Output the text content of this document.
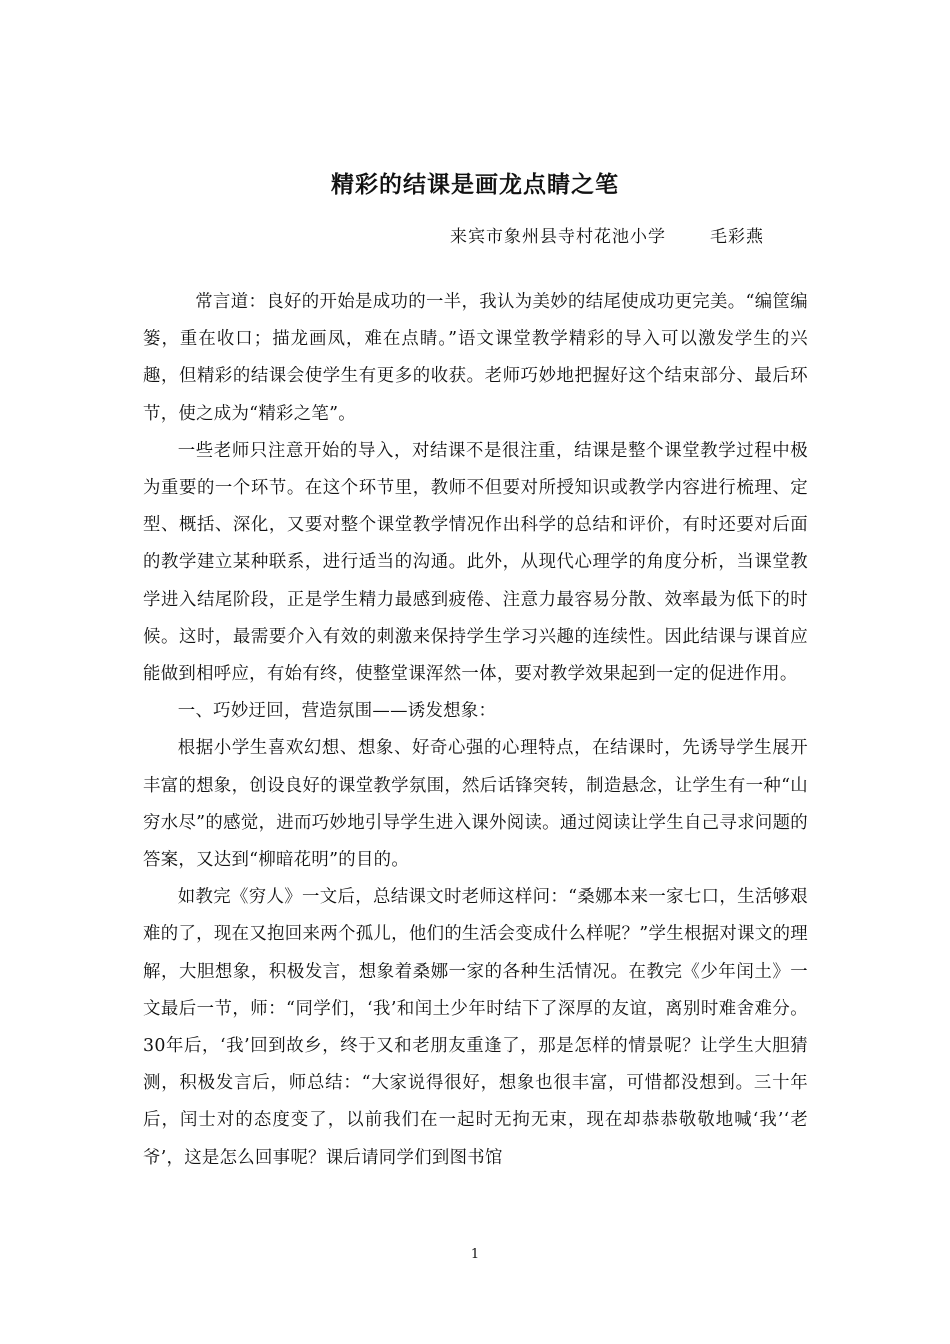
精彩的结课是画龙点睛之笔
来宾市象州县寺村花池小学	毛彩燕

常言道：良好的开始是成功的一半，我认为美妙的结尾使成功更完美。“编筐编篓，重在收口；描龙画凤，难在点睛。”语文课堂教学精彩的导入可以激发学生的兴趣，但精彩的结课会使学生有更多的收获。老师巧妙地把握好这个结束部分、最后环节，使之成为“精彩之笔”。

一些老师只注意开始的导入，对结课不是很注重，结课是整个课堂教学过程中极为重要的一个环节。在这个环节里，教师不但要对所授知识或教学内容进行梳理、定型、概括、深化，又要对整个课堂教学情况作出科学的总结和评价，有时还要对后面的教学建立某种联系，进行适当的沟通。此外，从现代心理学的角度分析，当课堂教学进入结尾阶段，正是学生精力最感到疲倦、注意力最容易分散、效率最为低下的时候。这时，最需要介入有效的刺激来保持学生学习兴趣的连续性。因此结课与课首应能做到相呼应，有始有终，使整堂课浑然一体，要对教学效果起到一定的促进作用。

一、巧妙迂回，营造氛围——诱发想象：

根据小学生喜欢幻想、想象、好奇心强的心理特点，在结课时，先诱导学生展开丰富的想象，创设良好的课堂教学氛围，然后话锋突转，制造悬念，让学生有一种“山穷水尽”的感觉，进而巧妙地引导学生进入课外阅读。通过阅读让学生自己寻求问题的答案，又达到“柳暗花明”的目的。

如教完《穷人》一文后，总结课文时老师这样问：“桑娜本来一家七口，生活够艰难的了，现在又抱回来两个孤儿，他们的生活会变成什么样呢？”学生根据对课文的理解，大胆想象，积极发言，想象着桑娜一家的各种生活情况。在教完《少年闰土》一文最后一节，师：“同学们，‘我’和闰土少年时结下了深厚的友谊，离别时难舍难分。30年后，‘我’回到故乡，终于又和老朋友重逢了，那是怎样的情景呢？让学生大胆猜测，积极发言后，师总结：“大家说得很好，想象也很丰富，可惜都没想到。三十年后，闰士对的态度变了，以前我们在一起时无拘无束，现在却恭恭敬敬地喊‘我’‘老爷’，这是怎么回事呢？课后请同学们到图书馆

1
